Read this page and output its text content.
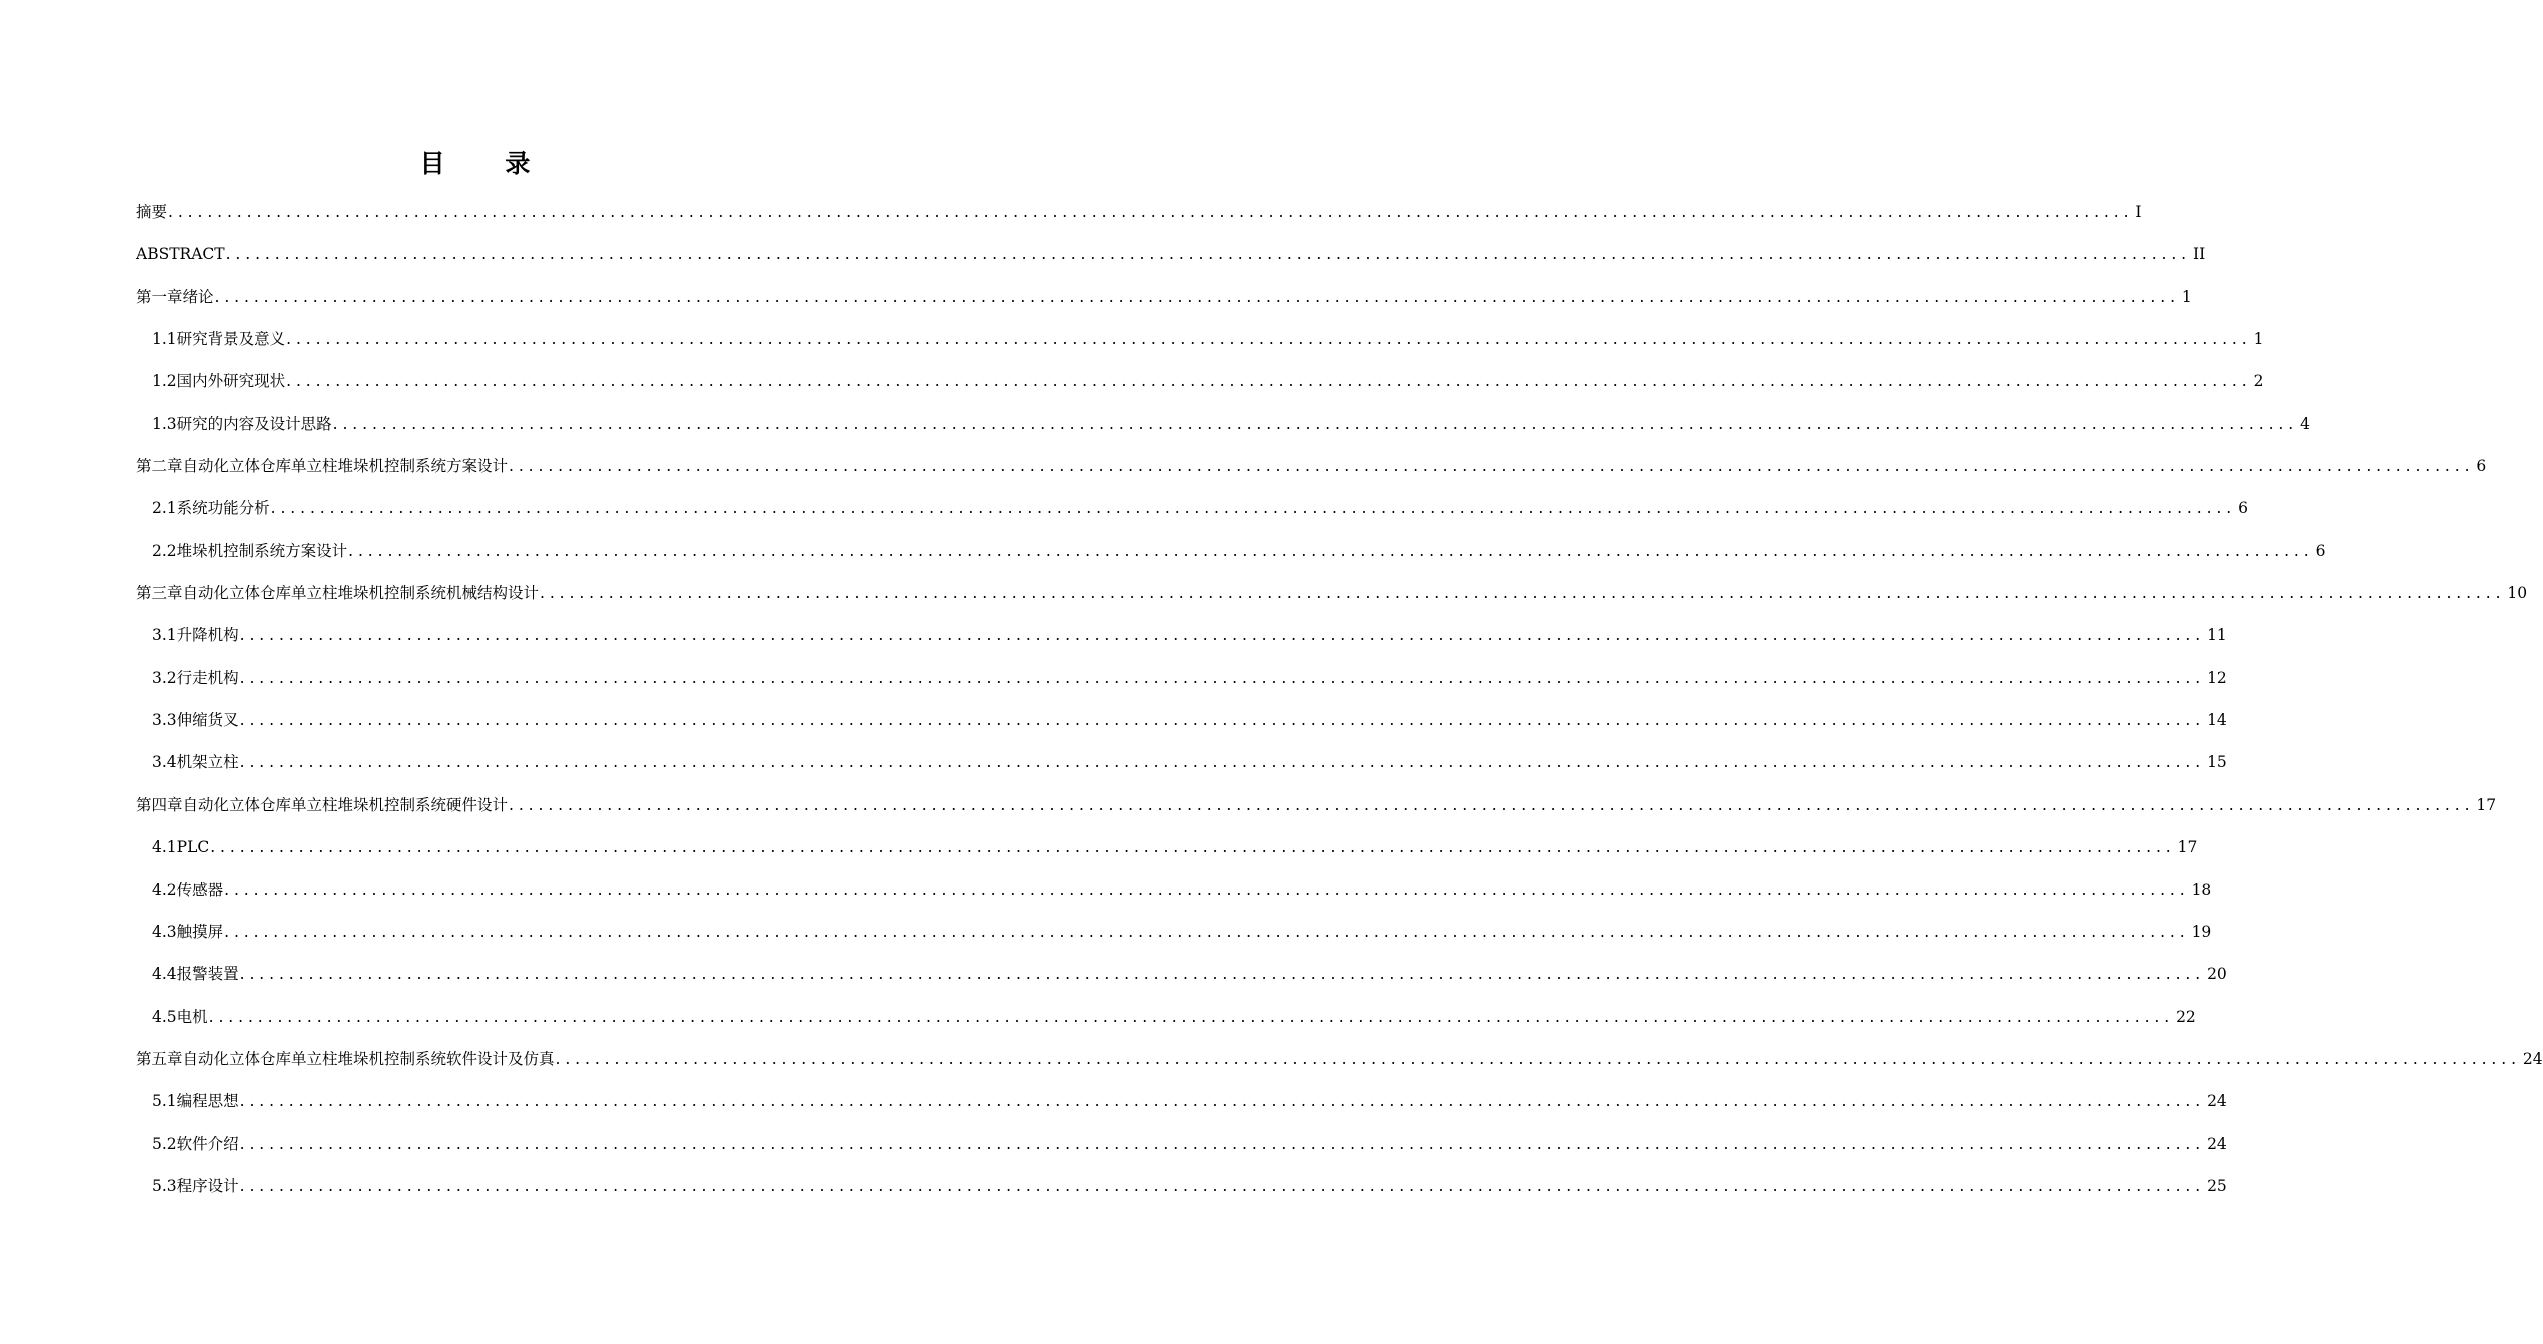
目 录
摘要 ........................................................................................................................................................................................................ I
ABSTRACT ........................................................................................................................................................................................................ II
第一章绪论 ........................................................................................................................................................................................................ 1
1.1研究背景及意义 ........................................................................................................................................................................................................ 1
1.2国内外研究现状 ........................................................................................................................................................................................................ 2
1.3研究的内容及设计思路 ........................................................................................................................................................................................................ 4
第二章自动化立体仓库单立柱堆垛机控制系统方案设计 ........................................................................................................................................................................................................ 6
2.1系统功能分析 ........................................................................................................................................................................................................ 6
2.2堆垛机控制系统方案设计 ........................................................................................................................................................................................................ 6
第三章自动化立体仓库单立柱堆垛机控制系统机械结构设计 ........................................................................................................................................................................................................ 10
3.1升降机构 ........................................................................................................................................................................................................ 11
3.2行走机构 ........................................................................................................................................................................................................ 12
3.3伸缩货叉 ........................................................................................................................................................................................................ 14
3.4机架立柱 ........................................................................................................................................................................................................ 15
第四章自动化立体仓库单立柱堆垛机控制系统硬件设计 ........................................................................................................................................................................................................ 17
4.1PLC ........................................................................................................................................................................................................ 17
4.2传感器 ........................................................................................................................................................................................................ 18
4.3触摸屏 ........................................................................................................................................................................................................ 19
4.4报警装置 ........................................................................................................................................................................................................ 20
4.5电机 ........................................................................................................................................................................................................ 22
第五章自动化立体仓库单立柱堆垛机控制系统软件设计及仿真 ........................................................................................................................................................................................................ 24
5.1编程思想 ........................................................................................................................................................................................................ 24
5.2软件介绍 ........................................................................................................................................................................................................ 24
5.3程序设计 ........................................................................................................................................................................................................ 25
